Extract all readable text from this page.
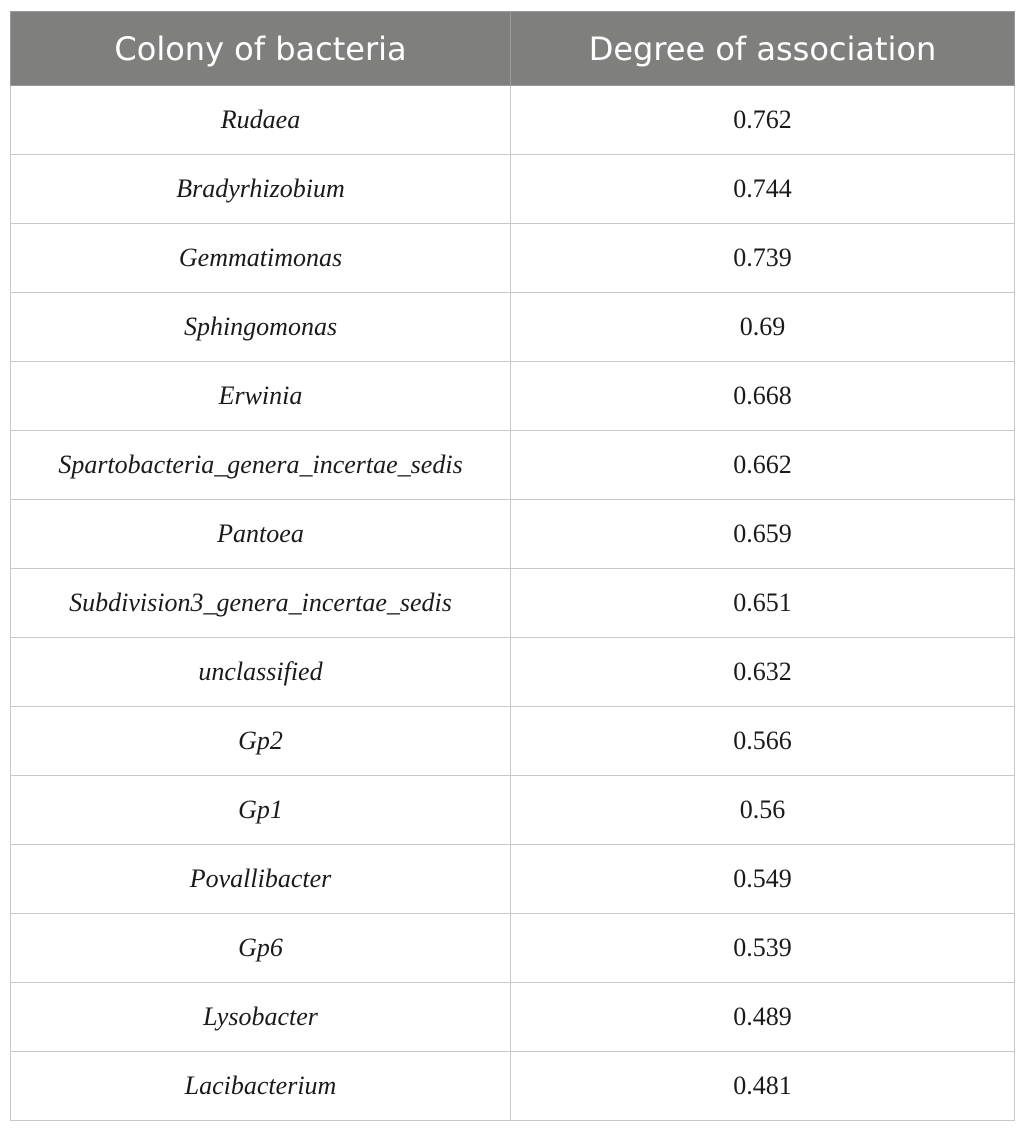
Colony of bacteria	Degree of association
Rudaea	0.762
Bradyrhizobium	0.744
Gemmatimonas	0.739
Sphingomonas	0.69
Erwinia	0.668
Spartobacteria_genera_incertae_sedis	0.662
Pantoea	0.659
Subdivision3_genera_incertae_sedis	0.651
unclassified	0.632
Gp2	0.566
Gp1	0.56
Povallibacter	0.549
Gp6	0.539
Lysobacter	0.489
Lacibacterium	0.481
